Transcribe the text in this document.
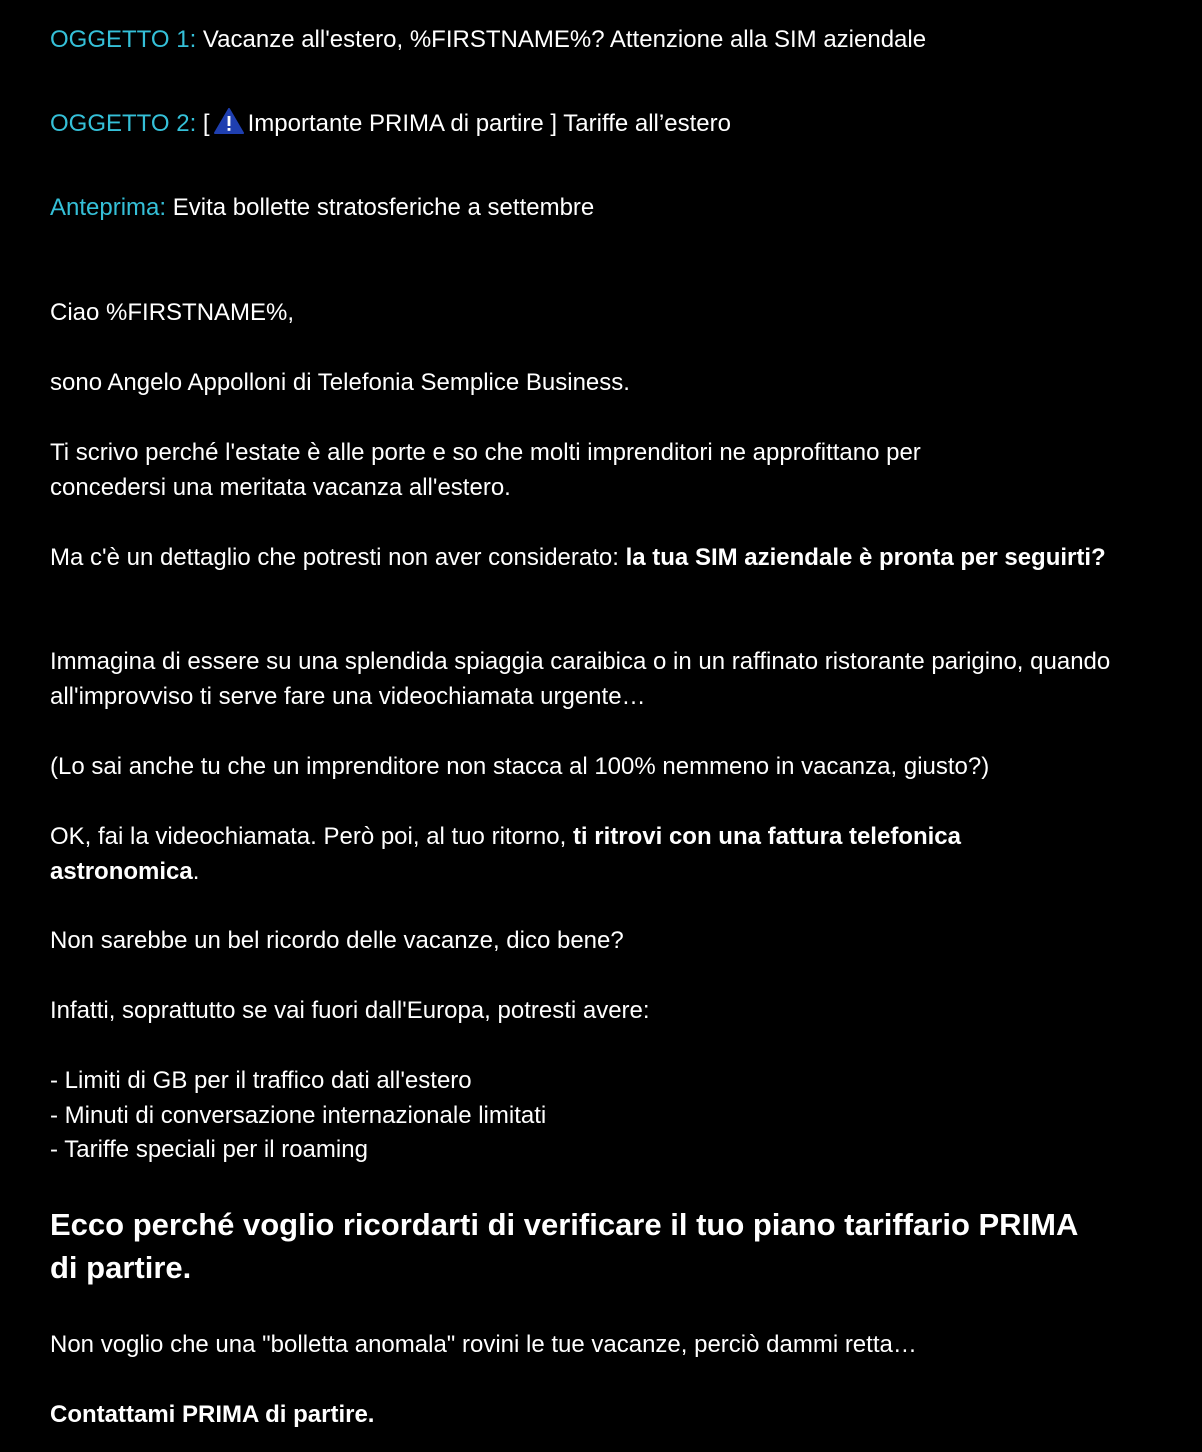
OGGETTO 1: Vacanze all'estero, %FIRSTNAME%? Attenzione alla SIM aziendale

OGGETTO 2: [ Importante PRIMA di partire ] Tariffe all’estero

Anteprima: Evita bollette stratosferiche a settembre

Ciao %FIRSTNAME%,

sono Angelo Appolloni di Telefonia Semplice Business.

Ti scrivo perché l'estate è alle porte e so che molti imprenditori ne approfittano per concedersi una meritata vacanza all'estero.

Ma c'è un dettaglio che potresti non aver considerato: la tua SIM aziendale è pronta per seguirti?

Immagina di essere su una splendida spiaggia caraibica o in un raffinato ristorante parigino, quando all'improvviso ti serve fare una videochiamata urgente…

(Lo sai anche tu che un imprenditore non stacca al 100% nemmeno in vacanza, giusto?)

OK, fai la videochiamata. Però poi, al tuo ritorno, ti ritrovi con una fattura telefonica astronomica.

Non sarebbe un bel ricordo delle vacanze, dico bene?

Infatti, soprattutto se vai fuori dall'Europa, potresti avere:

- Limiti di GB per il traffico dati all'estero
- Minuti di conversazione internazionale limitati
- Tariffe speciali per il roaming

Ecco perché voglio ricordarti di verificare il tuo piano tariffario PRIMA di partire.

Non voglio che una "bolletta anomala" rovini le tue vacanze, perciò dammi retta…

Contattami PRIMA di partire.
